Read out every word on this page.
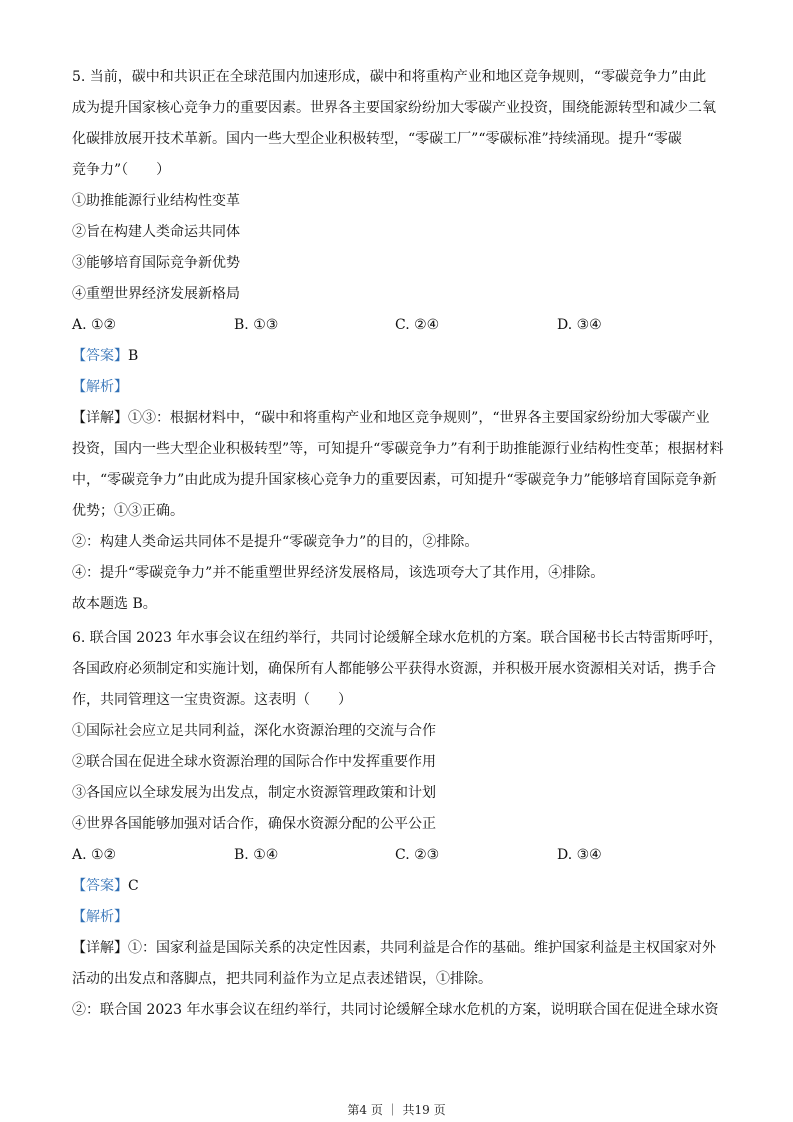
5. 当前，碳中和共识正在全球范围内加速形成，碳中和将重构产业和地区竞争规则，“零碳竞争力”由此
成为提升国家核心竞争力的重要因素。世界各主要国家纷纷加大零碳产业投资，围绕能源转型和减少二氧
化碳排放展开技术革新。国内一些大型企业积极转型，“零碳工厂”“零碳标准”持续涌现。提升“零碳
竞争力”（　　）
①助推能源行业结构性变革
②旨在构建人类命运共同体
③能够培育国际竞争新优势
④重塑世界经济发展新格局
A. ①②	B. ①③	C. ②④	D. ③④
【答案】B
【解析】
【详解】①③：根据材料中，“碳中和将重构产业和地区竞争规则”，“世界各主要国家纷纷加大零碳产业
投资，国内一些大型企业积极转型”等，可知提升“零碳竞争力”有利于助推能源行业结构性变革；根据材料
中，“零碳竞争力”由此成为提升国家核心竞争力的重要因素，可知提升“零碳竞争力”能够培育国际竞争新
优势；①③正确。
②：构建人类命运共同体不是提升“零碳竞争力”的目的，②排除。
④：提升“零碳竞争力”并不能重塑世界经济发展格局，该选项夸大了其作用，④排除。
故本题选 B。
6. 联合国 2023 年水事会议在纽约举行，共同讨论缓解全球水危机的方案。联合国秘书长古特雷斯呼吁，
各国政府必须制定和实施计划，确保所有人都能够公平获得水资源，并积极开展水资源相关对话，携手合
作，共同管理这一宝贵资源。这表明（　　）
①国际社会应立足共同利益，深化水资源治理的交流与合作
②联合国在促进全球水资源治理的国际合作中发挥重要作用
③各国应以全球发展为出发点，制定水资源管理政策和计划
④世界各国能够加强对话合作，确保水资源分配的公平公正
A. ①②	B. ①④	C. ②③	D. ③④
【答案】C
【解析】
【详解】①：国家利益是国际关系的决定性因素，共同利益是合作的基础。维护国家利益是主权国家对外
活动的出发点和落脚点，把共同利益作为立足点表述错误，①排除。
②：联合国 2023 年水事会议在纽约举行，共同讨论缓解全球水危机的方案，说明联合国在促进全球水资
第4 页 ｜ 共19 页
